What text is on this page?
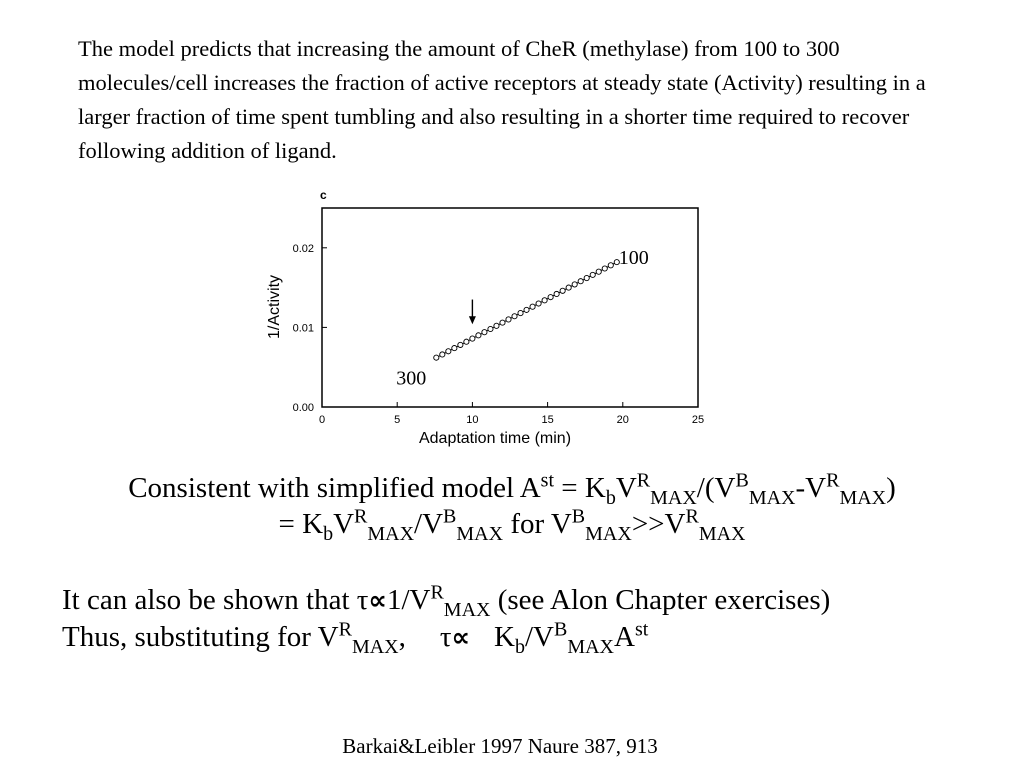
The model predicts that increasing the amount of CheR (methylase) from 100 to 300 molecules/cell increases the fraction of active receptors at steady state (Activity) resulting in a larger fraction of time spent tumbling and also resulting in a shorter time required to recover following addition of ligand.

c
0	5	10	15	20	25
0.00
0.01
0.02	100
300
Adaptation time (min)
1/Activity
Consistent with simplified model $A^{st} = K_bV^R_{MAX}/(V^B_{MAX}-V^R_{MAX})$
= $K_bV^R_{MAX}/V^B_{MAX}$ for $V^B_{MAX}>>V^R_{MAX}$
It can also be shown that $\tau\propto 1/V^R_{MAX}$ (see Alon Chapter exercises)
Thus, substituting for $V^R_{MAX}$, $\tau\propto K_b/V^B_{MAX}A^{st}$
Barkai&Leibler 1997 Naure 387, 913
